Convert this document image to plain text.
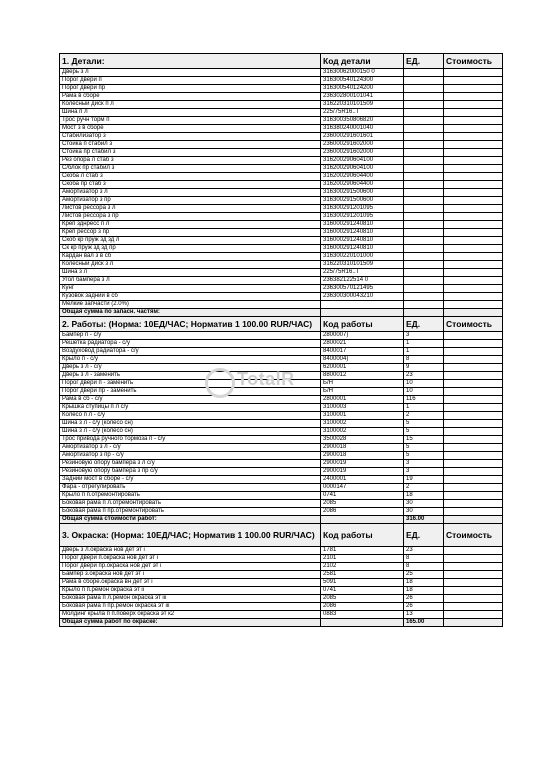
1. Детали:	Код детали	ЕД.	Стоимость
Дверь з л	31630062000150 0		
Порог двери п	316300540124300		
Порог двери пр	316300540124200		
Рама в сборе	236302800101041		
Колесный диск п л	316220310101509		
Шина п л	225/75R16..T		
Трос ручн торм п	316300350806820		
Мост з в сборе	316380240001040		
Стабилизатор з	236000291601601		
Стойка п стабил з	236000291602000		
Стойка пр стабил з	236000291602000		
Рез опора л стаб з	316200290604100		
С/блок пр стабил з	316200290604100		
Скоба л стаб з	316200290604400		
Скоба пр стаб з	316200290604400		
Амортизатор з л	316300291500600		
Амортизатор з пр	316300291500600		
Листов рессора з л	316300291201095		
Листов рессора з пр	316300291201095		
Креп зднресс п л	316000291240810		
Креп рессор з пр	316000291240810		
Скоб кр пруж зд зд л	316000291240810		
Ск кр пруж зд зд пр	316000291240810		
Кардан вал з в сб	316300220101000		
Колесный диск з л	316220310101509		
Шина з л	225/75R16..T		
Угол бампера з л	236382122514 0		
Кунг	236300570121495		
Кузовок задний в сб	236300300043210		
Мелкие запчасти (2.0%)			
Общая сумма по запасн. частям:			
2. Работы: (Норма: 10ЕД/ЧАС; Норматив 1 100.00 RUR/ЧАС)	Код работы	ЕД.	Стоимость
Бампер п - с/у	2800007)	3	
Решетка радиатора - с/у	2800021	1	
Воздуховод радиатора - с/у	8400017	1	
Крыло п - с/у	8400004)	8	
Дверь з л - с/у	6200001	9	
Дверь з л - заменить	8800012	23	
Порог двери п - заменить	Б/Н	10	
Порог двери пр - заменить	Б/Н	10	
Рама в сб - с/у	2800001	116	
Крышка ступицы п л с/у	3100003	1	
Колесо п л - с/у	3100001	2	
Шина з л - с/у (колесо сн)	3100002	5	
Шина з л - с/у (колесо сн)	3100002	5	
Трос привода ручного тормоза п - с/у	3500028	15	
Амортизатор з л - с/у	2900018	5	
Амортизатор з пр - с/у	2900018	5	
Резиновую опору бампера з л с/у	2900019	3	
Резиновую опору бампера з пр с/у	2900019	3	
Задний мост в сборе - с/у	2400001	19	
Фара - отрегулировать	0000147	2	
Крыло п п.отремонтировать	0741	18	
Боковая рама п л.отремонтировать	2085	30	
Боковая рама п пр.отремонтировать	2086	30	
Общая сумма стоимости работ:		316.00	
3. Окраска: (Норма: 10ЕД/ЧАС; Норматив 1 100.00 RUR/ЧАС)	Код работы	ЕД.	Стоимость
Дверь з л.окраска нов дет эт i	1781	23	
Порог двери п.окраска нов дет эт i	2101	8	
Порог двери пр.окраска нов дет эт i	2102	8	
Бампер з.окраска нов дет эт i	2581	25	
Рама в сборе.окраска вн дет эт i	5091	18	
Крыло п п.ремон окраска эт ii	0741	18	
Боковая рама п л.ремон окраска эт iii	2085	26	
Боковая рама п пр.ремон окраска эт iii	2086	26	
Молдинг крыла п п.поверх окраска эт к2	0883	13	
Общая сумма работ по окраске:		165.00	
TotalR
